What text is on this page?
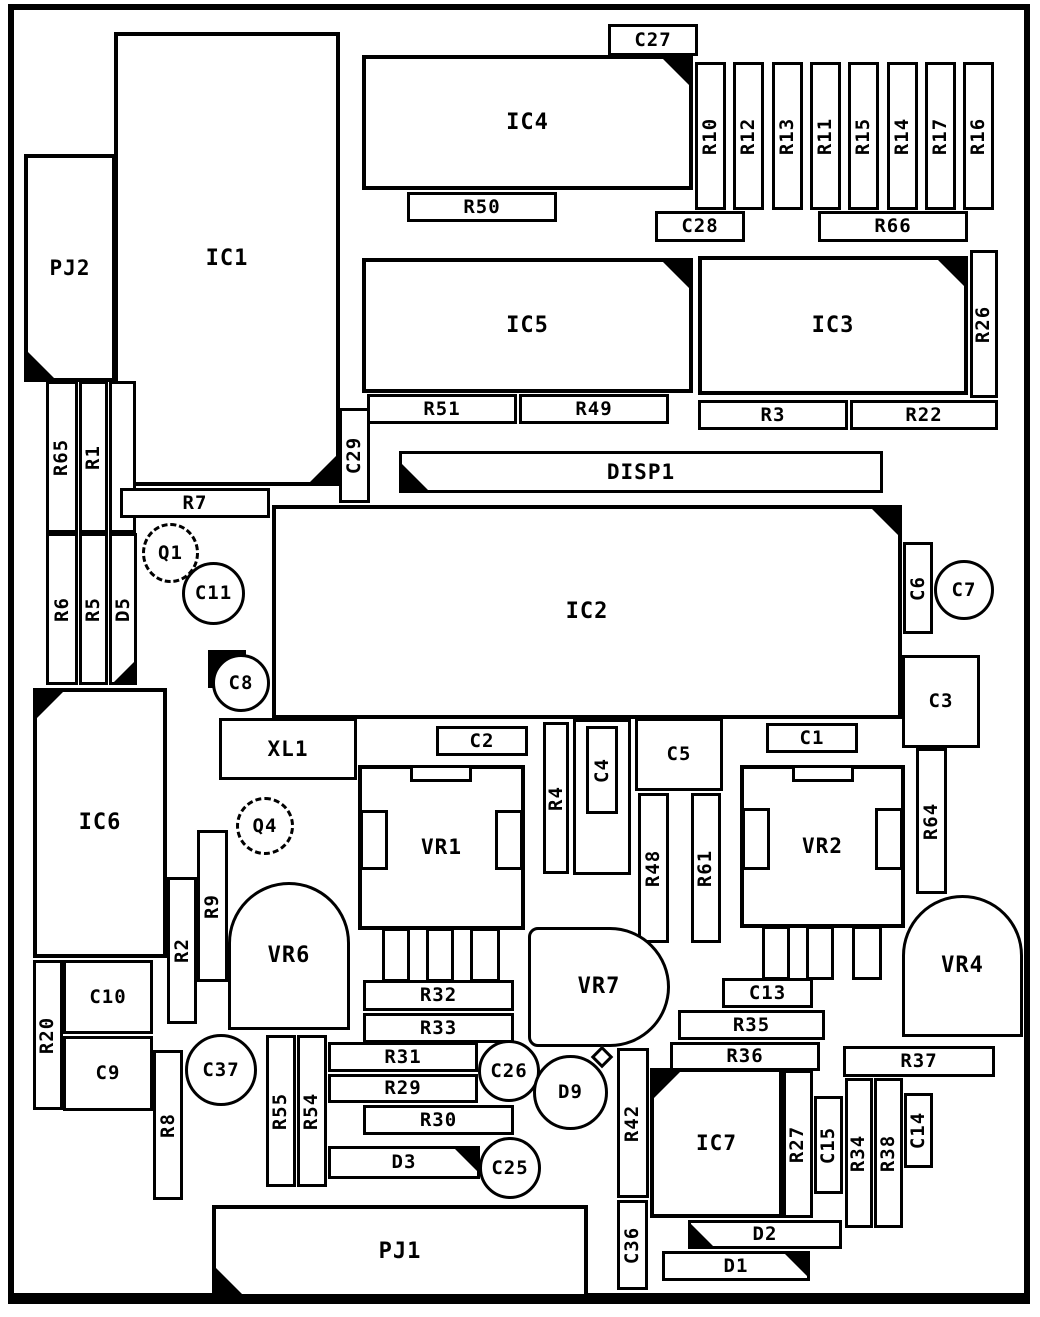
PJ2	IC1
IC4
R50
C27
R10 R12 R13 R11 R15 R14 R17 R16
C28	R66
IC5
R51	R49
IC3	R26
R3	R22
C29	DISP1
IC2
R65 R1
R6 R5 D5
R7
Q1
C11
C8
C6 C7
C3
R64
IC6
XL1	C2
VR1
R4
C4
C5
R48 R61
C1
VR2
Q4
R2
R9
VR6
VR7
VR4
R20
C10
C9
R8
C37
R55 R54
R32
R33
R31
R29
R30
D3
C26
D9
C25
R42
C36
C13
R35
R36
IC7	R27 C15
R37
R34 R38
C14
D2
D1
PJ1
